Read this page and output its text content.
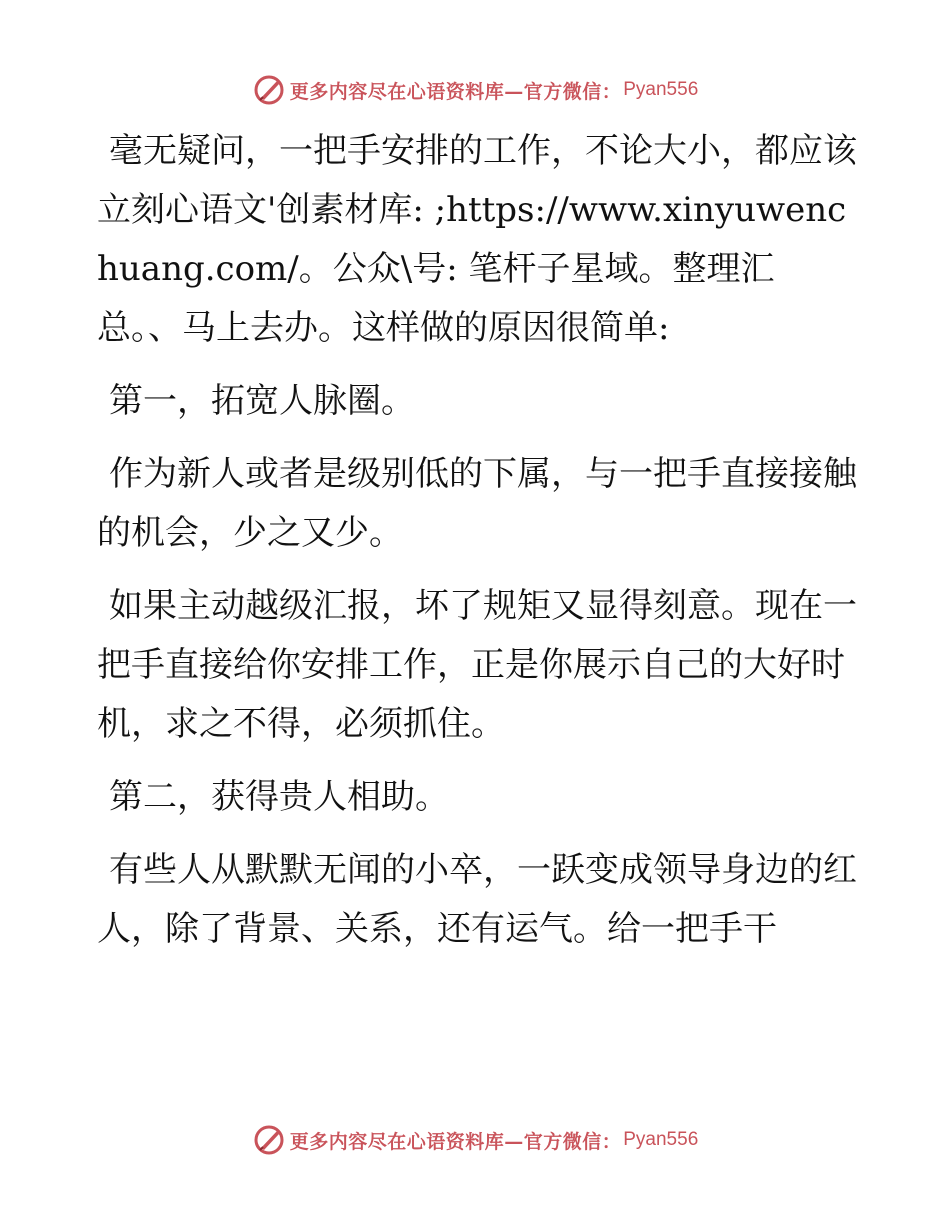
更多内容尽在心语资料库—官方微信： Pyan556

毫无疑问，一把手安排的工作，不论大小，都应该立刻心语文'创素材库: ;https://www.xinyuwenchuang.com/。公众\号: 笔杆子星域。整理汇总。、马上去办。这样做的原因很简单:

第一，拓宽人脉圈。

作为新人或者是级别低的下属，与一把手直接接触的机会，少之又少。

如果主动越级汇报，坏了规矩又显得刻意。现在一把手直接给你安排工作，正是你展示自己的大好时机，求之不得，必须抓住。

第二，获得贵人相助。

有些人从默默无闻的小卒，一跃变成领导身边的红人，除了背景、关系，还有运气。给一把手干

更多内容尽在心语资料库—官方微信： Pyan556
